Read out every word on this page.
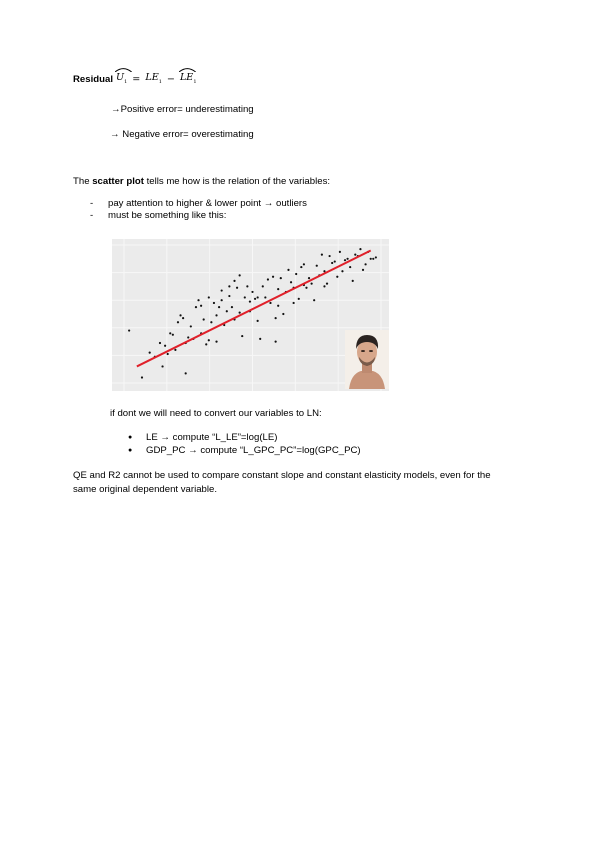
Residual $U_1 = LE_1 - LE_1$
→Positive error= underestimating
→ Negative error= overestimating
The scatter plot tells me how is the relation of the variables:
-	pay attention to higher & lower point → outliers
-	must be something like this:
if dont we will need to convert our variables to LN:
●	LE → compute “L_LE”=log(LE)
●	GDP_PC → compute “L_GPC_PC”=log(GPC_PC)
QE and R2 cannot be used to compare constant slope and constant elasticity models, even for the
same original dependent variable.
